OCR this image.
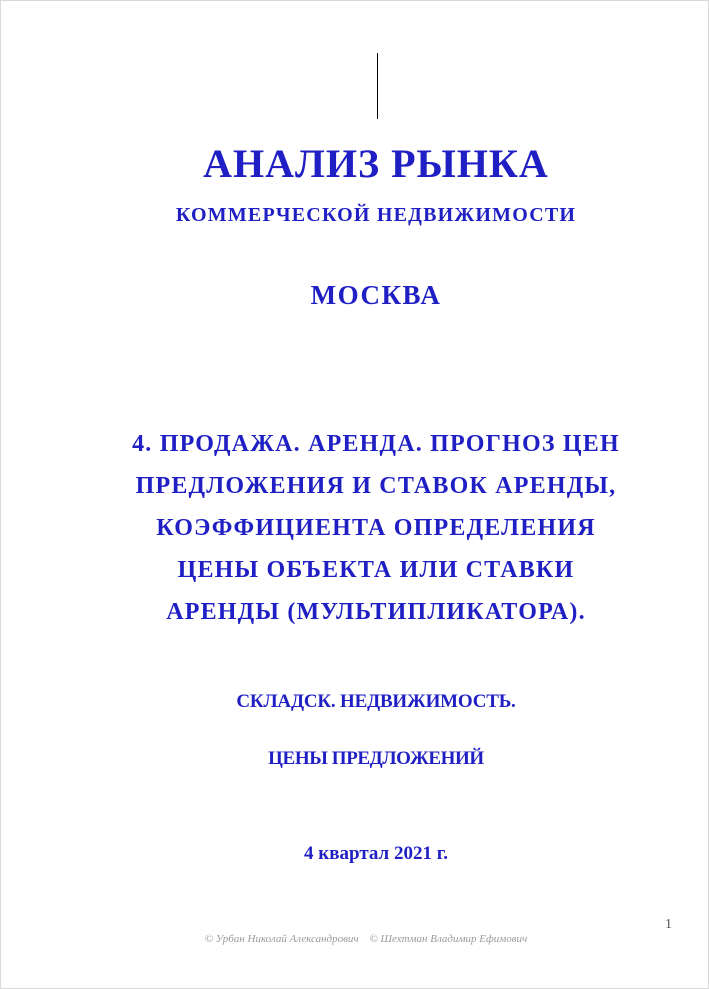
АНАЛИЗ РЫНКА
КОММЕРЧЕСКОЙ НЕДВИЖИМОСТИ
МОСКВА
4. ПРОДАЖА. АРЕНДА. ПРОГНОЗ ЦЕН
ПРЕДЛОЖЕНИЯ И СТАВОК АРЕНДЫ,
КОЭФФИЦИЕНТА ОПРЕДЕЛЕНИЯ
ЦЕНЫ ОБЪЕКТА ИЛИ СТАВКИ
АРЕНДЫ (МУЛЬТИПЛИКАТОРА).
СКЛАДСК. НЕДВИЖИМОСТЬ.
ЦЕНЫ ПРЕДЛОЖЕНИЙ
4 квартал 2021 г.
1
© Урбан Николай Александрович © Шехтман Владимир Ефимович
